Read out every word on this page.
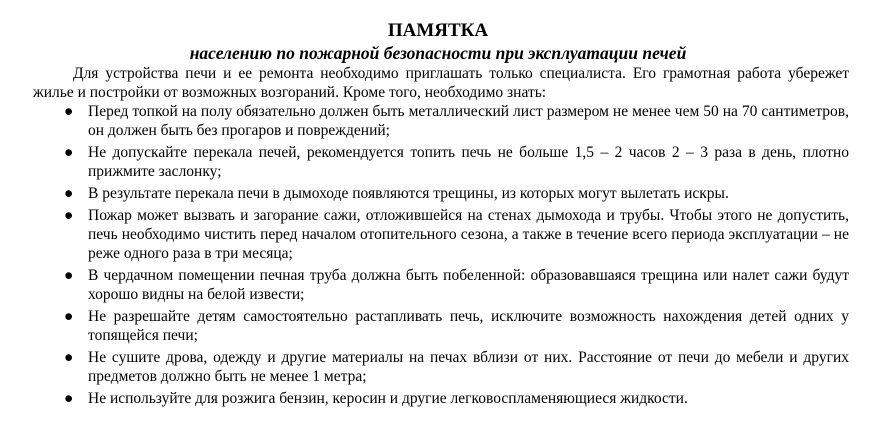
ПАМЯТКА
населению по пожарной безопасности при эксплуатации печей

Для устройства печи и ее ремонта необходимо приглашать только специалиста. Его грамотная работа убережет жилье и постройки от возможных возгораний. Кроме того, необходимо знать:

● Перед топкой на полу обязательно должен быть металлический лист размером не менее чем 50 на 70 сантиметров, он должен быть без прогаров и повреждений;
● Не допускайте перекала печей, рекомендуется топить печь не больше 1,5 – 2 часов 2 – 3 раза в день, плотно прижмите заслонку;
● В результате перекала печи в дымоходе появляются трещины, из которых могут вылетать искры.
● Пожар может вызвать и загорание сажи, отложившейся на стенах дымохода и трубы. Чтобы этого не допустить, печь необходимо чистить перед началом отопительного сезона, а также в течение всего периода эксплуатации – не реже одного раза в три месяца;
● В чердачном помещении печная труба должна быть побеленной: образовавшаяся трещина или налет сажи будут хорошо видны на белой извести;
● Не разрешайте детям самостоятельно растапливать печь, исключите возможность нахождения детей одних у топящейся печи;
● Не сушите дрова, одежду и другие материалы на печах вблизи от них. Расстояние от печи до мебели и других предметов должно быть не менее 1 метра;
● Не используйте для розжига бензин, керосин и другие легковоспламеняющиеся жидкости.
